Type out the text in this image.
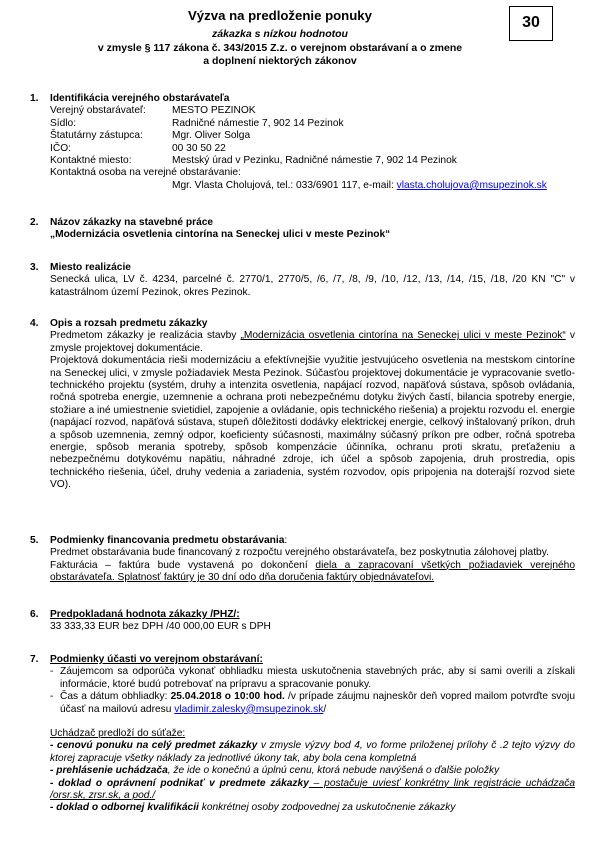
30
Výzva na predloženie ponuky
zákazka s nízkou hodnotou
v zmysle § 117 zákona č. 343/2015 Z.z. o verejnom obstarávaní a o zmene
a doplnení niektorých zákonov
1. Identifikácia verejného obstarávateľa
Verejný obstarávateľ:	MESTO PEZINOK
Sídlo:	Radničné námestie 7, 902 14 Pezinok
Štatutárny zástupca:	Mgr. Oliver Solga
IČO:	00 30 50 22
Kontaktné miesto:	Mestský úrad v Pezinku, Radničné námestie 7, 902 14 Pezinok
Kontaktná osoba na verejné obstarávanie:
Mgr. Vlasta Cholujová, tel.: 033/6901 117, e-mail: vlasta.cholujova@msupezinok.sk
2. Názov zákazky na stavebné práce
„Modernizácia osvetlenia cintorína na Seneckej ulici v meste Pezinok“
3. Miesto realizácie
Senecká ulica, LV č. 4234, parcelné č. 2770/1, 2770/5, /6, /7, /8, /9, /10, /12, /13, /14, /15, /18, /20 KN "C" v katastrálnom území Pezinok, okres Pezinok.
4. Opis a rozsah predmetu zákazky
Predmetom zákazky je realizácia stavby „Modernizácia osvetlenia cintorína na Seneckej ulici v meste Pezinok“ v zmysle projektovej dokumentácie.
Projektová dokumentácia rieši modernizáciu a efektívnejšie využitie jestvujúceho osvetlenia na mestskom cintoríne na Seneckej ulici, v zmysle požiadaviek Mesta Pezinok. Súčasťou projektovej dokumentácie je vypracovanie svetlo-technického projektu (systém, druhy a intenzita osvetlenia, napájací rozvod, napäťová sústava, spôsob ovládania, ročná spotreba energie, uzemnenie a ochrana proti nebezpečnému dotyku živých častí, bilancia spotreby energie, stožiare a iné umiestnenie svietidiel, zapojenie a ovládanie, opis technického riešenia) a projektu rozvodu el. energie (napájací rozvod, napäťová sústava, stupeň dôležitosti dodávky elektrickej energie, celkový inštalovaný príkon, druh a spôsob uzemnenia, zemný odpor, koeficienty súčasnosti, maximálny súčasný príkon pre odber, ročná spotreba energie, spôsob merania spotreby, spôsob kompenzácie účinníka, ochranu proti skratu, preťaženiu a nebezpečnému dotykovému napätiu, náhradné zdroje, ich účel a spôsob zapojenia, druh prostredia, opis technického riešenia, účel, druhy vedenia a zariadenia, systém rozvodov, opis pripojenia na doterajší rozvod siete VO).
5. Podmienky financovania predmetu obstarávania:
Predmet obstarávania bude financovaný z rozpočtu verejného obstarávateľa, bez poskytnutia zálohovej platby.
Fakturácia – faktúra bude vystavená po dokončení diela a zapracovaní všetkých požiadaviek verejného obstarávateľa. Splatnosť faktúry je 30 dní odo dňa doručenia faktúry objednávateľovi.
6. Predpokladaná hodnota zákazky /PHZ/:
33 333,33 EUR bez DPH /40 000,00 EUR s DPH
7. Podmienky účasti vo verejnom obstarávaní:
- Záujemcom sa odporúča vykonať obhliadku miesta uskutočnenia stavebných prác, aby si sami overili a získali informácie, ktoré budú potrebovať na prípravu a spracovanie ponuky.
- Čas a dátum obhliadky: 25.04.2018 o 10:00 hod. /v prípade záujmu najneskôr deň vopred mailom potvrďte svoju účasť na mailovú adresu vladimir.zalesky@msupezinok.sk/
Uchádzač predloží do súťaže:
- cenovú ponuku na celý predmet zákazky v zmysle výzvy bod 4, vo forme priloženej prílohy č .2 tejto výzvy do ktorej zapracuje všetky náklady za jednotlivé úkony tak, aby bola cena kompletná
- prehlásenie uchádzača, že ide o konečnú a úplnú cenu, ktorá nebude navýšená o ďalšie položky
- doklad o oprávnení podnikať v predmete zákazky – postačuje uviesť konkrétny link registrácie uchádzača /orsr.sk, zrsr.sk, a pod./
- doklad o odbornej kvalifikácii konkrétnej osoby zodpovednej za uskutočnenie zákazky
